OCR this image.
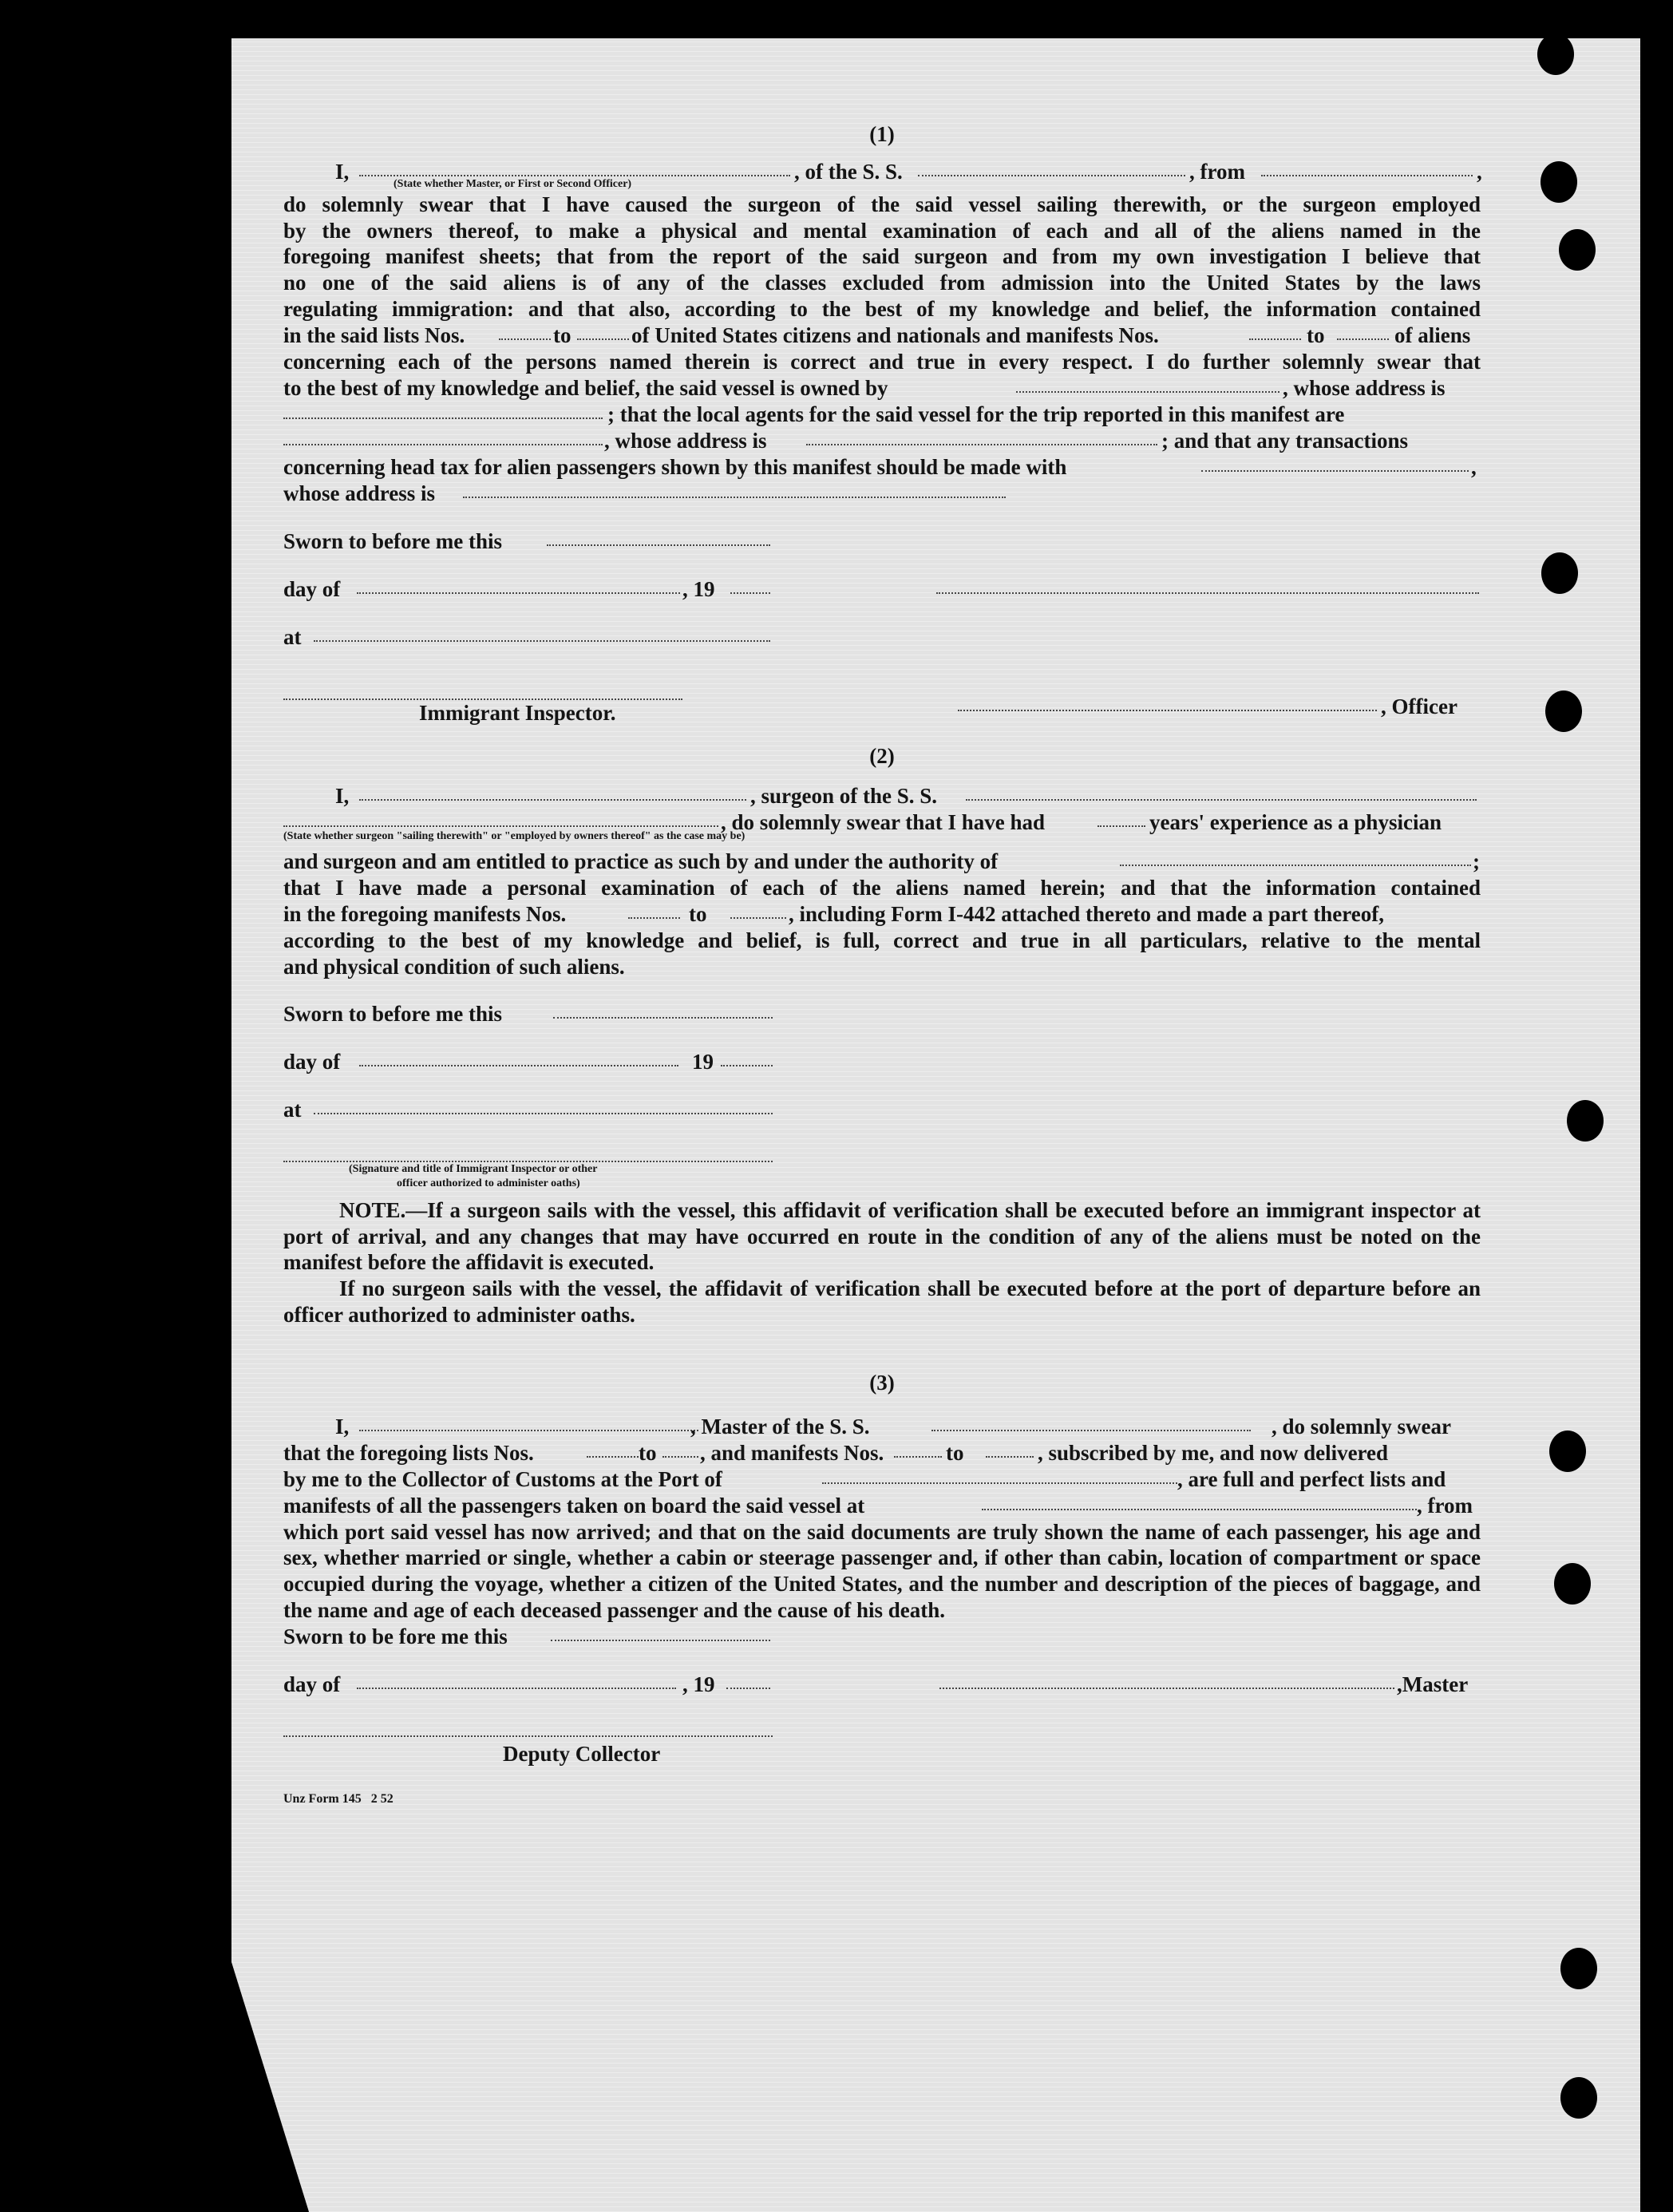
(1)
I,	, of the S. S.	, from	,
(State whether Master, or First or Second Officer)
do solemnly swear that I have caused the surgeon of the said vessel sailing therewith, or the surgeon employed
by the owners thereof, to make a physical and mental examination of each and all of the aliens named in the
foregoing manifest sheets; that from the report of the said surgeon and from my own investigation I believe that
no one of the said aliens is of any of the classes excluded from admission into the United States by the laws
regulating immigration: and that also, according to the best of my knowledge and belief, the information contained
in the said lists Nos.	to	of United States citizens and nationals and manifests Nos.	to	of aliens
concerning each of the persons named therein is correct and true in every respect. I do further solemnly swear that
to the best of my knowledge and belief, the said vessel is owned by	, whose address is
; that the local agents for the said vessel for the trip reported in this manifest are
, whose address is	; and that any transactions
concerning head tax for alien passengers shown by this manifest should be made with	,
whose address is
Sworn to before me this
day of	, 19
at
Immigrant Inspector.	, Officer
(2)
I,	, surgeon of the S. S.
, do solemnly swear that I have had	years' experience as a physician
(State whether surgeon "sailing therewith" or "employed by owners thereof" as the case may be)
and surgeon and am entitled to practice as such by and under the authority of	;
that I have made a personal examination of each of the aliens named herein; and that the information contained
in the foregoing manifests Nos.	to	, including Form I-442 attached thereto and made a part thereof,
according to the best of my knowledge and belief, is full, correct and true in all particulars, relative to the mental
and physical condition of such aliens.
Sworn to before me this
day of	19
at
(Signature and title of Immigrant Inspector or other
officer authorized to administer oaths)
NOTE.—If a surgeon sails with the vessel, this affidavit of verification shall be executed before an immigrant inspector at port of arrival, and any changes that may have occurred en route in the condition of any of the aliens must be noted on the manifest before the affidavit is executed.
If no surgeon sails with the vessel, the affidavit of verification shall be executed before at the port of departure before an officer authorized to administer oaths.
(3)
I,	, Master of the S. S.	, do solemnly swear
that the foregoing lists Nos.	to , and manifests Nos.	to	, subscribed by me, and now delivered
by me to the Collector of Customs at the Port of	, are full and perfect lists and
manifests of all the passengers taken on board the said vessel at	, from
which port said vessel has now arrived; and that on the said documents are truly shown the name of each passenger, his age and sex, whether married or single, whether a cabin or steerage passenger and, if other than cabin, location of compartment or space occupied during the voyage, whether a citizen of the United States, and the number and description of the pieces of baggage, and the name and age of each deceased passenger and the cause of his death.
Sworn to be fore me this
day of	, 19	,Master
Deputy Collector
Unz Form 145   2 52
